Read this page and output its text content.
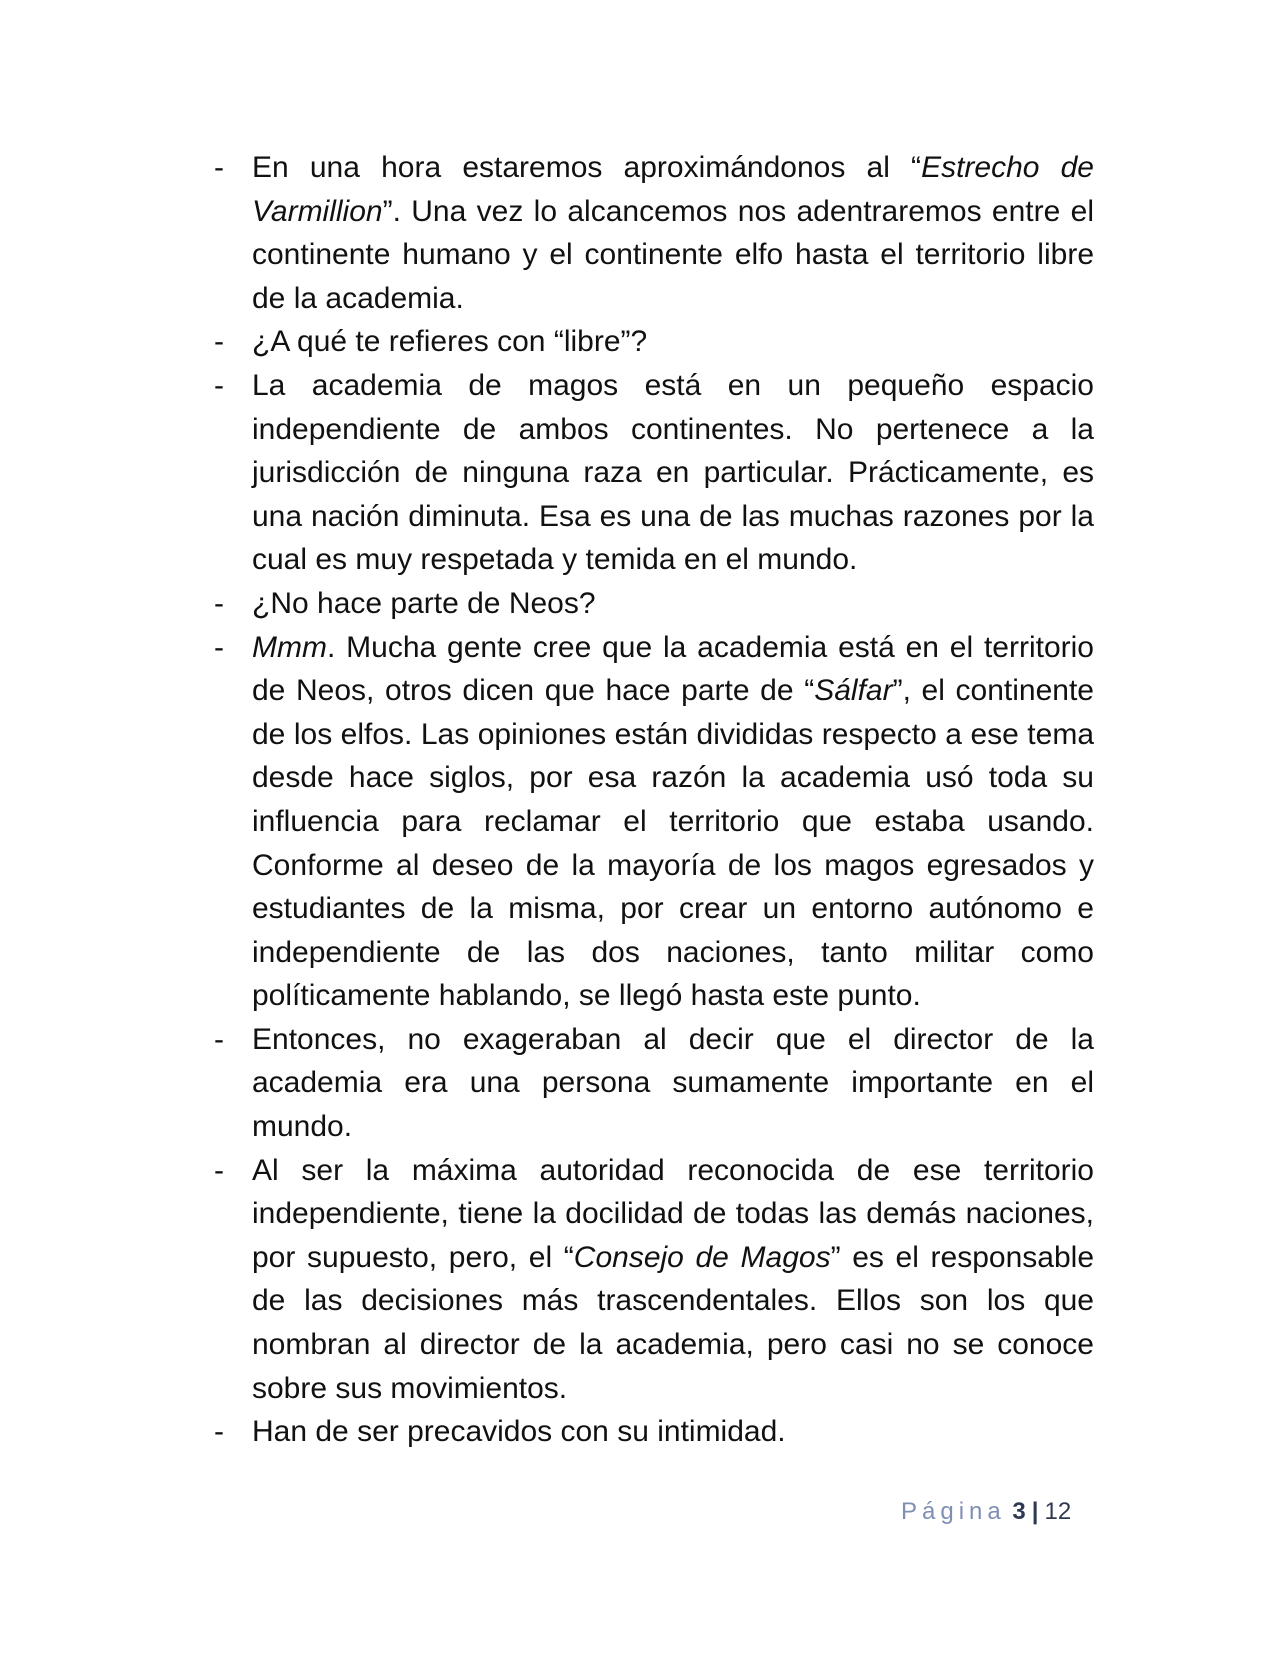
- En una hora estaremos aproximándonos al “Estrecho de Varmillion”. Una vez lo alcancemos nos adentraremos entre el continente humano y el continente elfo hasta el territorio libre de la academia.
- ¿A qué te refieres con “libre”?
- La academia de magos está en un pequeño espacio independiente de ambos continentes. No pertenece a la jurisdicción de ninguna raza en particular. Prácticamente, es una nación diminuta. Esa es una de las muchas razones por la cual es muy respetada y temida en el mundo.
- ¿No hace parte de Neos?
- Mmm. Mucha gente cree que la academia está en el territorio de Neos, otros dicen que hace parte de “Sálfar”, el continente de los elfos. Las opiniones están divididas respecto a ese tema desde hace siglos, por esa razón la academia usó toda su influencia para reclamar el territorio que estaba usando. Conforme al deseo de la mayoría de los magos egresados y estudiantes de la misma, por crear un entorno autónomo e independiente de las dos naciones, tanto militar como políticamente hablando, se llegó hasta este punto.
- Entonces, no exageraban al decir que el director de la academia era una persona sumamente importante en el mundo.
- Al ser la máxima autoridad reconocida de ese territorio independiente, tiene la docilidad de todas las demás naciones, por supuesto, pero, el “Consejo de Magos” es el responsable de las decisiones más trascendentales. Ellos son los que nombran al director de la academia, pero casi no se conoce sobre sus movimientos.
- Han de ser precavidos con su intimidad.
Página 3 | 12
